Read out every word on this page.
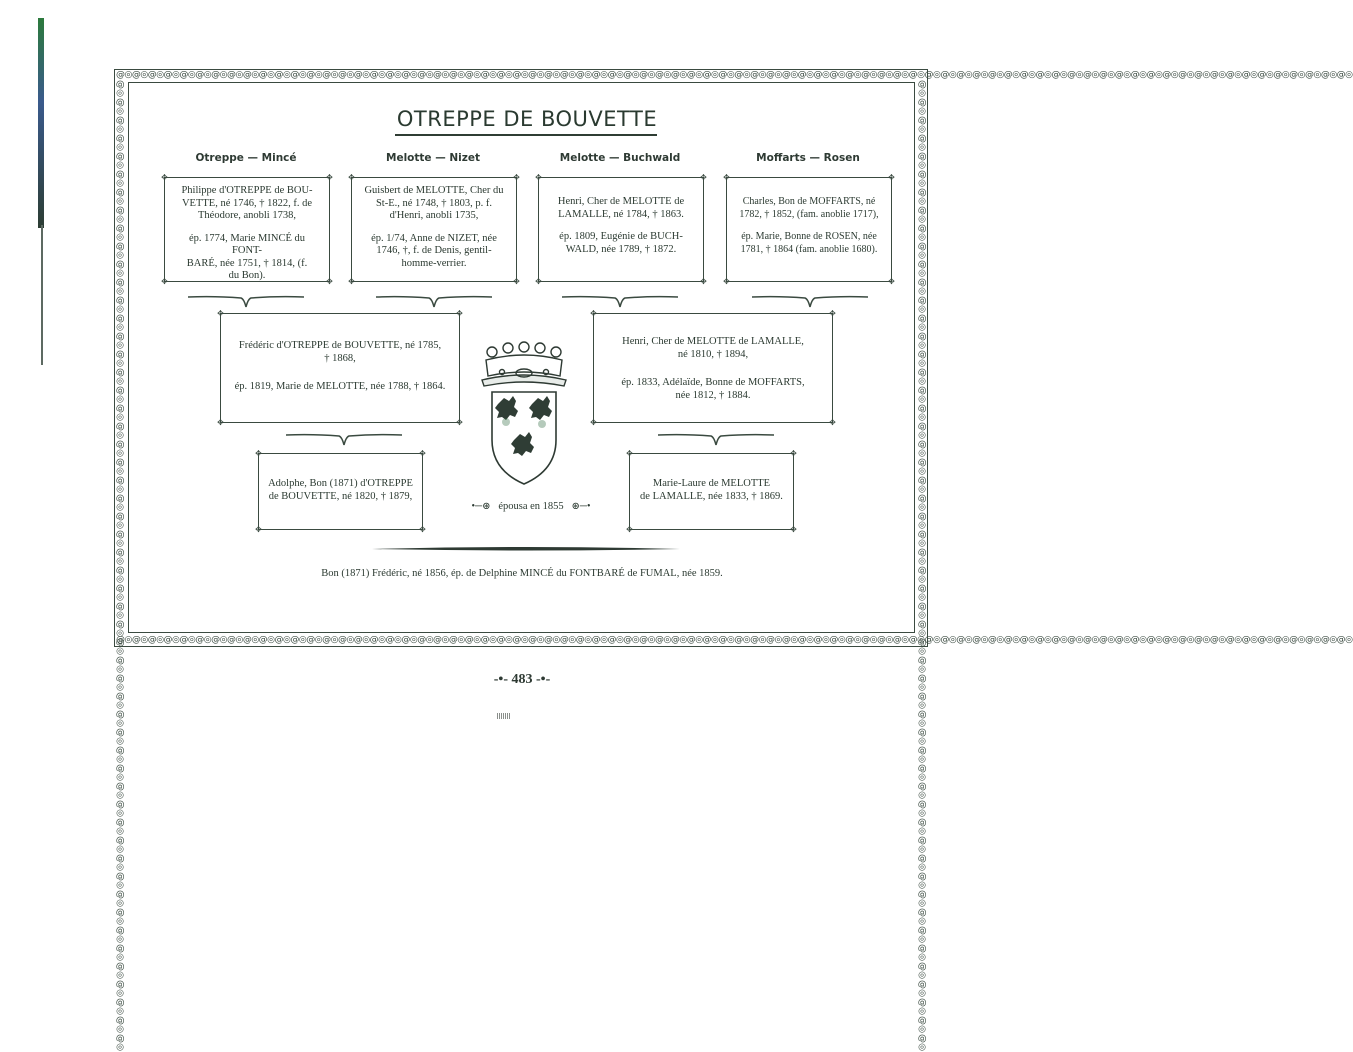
@◎@◎@◎@◎@◎@◎@◎@◎@◎@◎@◎@◎@◎@◎@◎@◎@◎@◎@◎@◎@◎@◎@◎@◎@◎@◎@◎@◎@◎@◎@◎@◎@◎@◎@◎@◎@◎@◎@◎@◎@◎@◎@◎@◎@◎@◎@◎@◎@◎@◎@◎@◎@◎@◎@◎@◎@◎@◎@◎@◎@◎@◎@◎@◎@◎@◎@◎@◎@◎@◎@◎@◎@◎@◎@◎@◎@◎@◎
@◎@◎@◎@◎@◎@◎@◎@◎@◎@◎@◎@◎@◎@◎@◎@◎@◎@◎@◎@◎@◎@◎@◎@◎@◎@◎@◎@◎@◎@◎@◎@◎@◎@◎@◎@◎@◎@◎@◎@◎@◎@◎@◎@◎@◎@◎@◎@◎@◎@◎@◎@◎@◎@◎@◎@◎@◎@◎@◎@◎@◎@◎@◎@◎@◎@◎@◎@◎@◎@◎@◎@◎@◎@◎@◎@◎@◎@◎
@◎@◎@◎@◎@◎@◎@◎@◎@◎@◎@◎@◎@◎@◎@◎@◎@◎@◎@◎@◎@◎@◎@◎@◎@◎@◎@◎@◎@◎@◎@◎@◎@◎@◎@◎@◎@◎@◎@◎@◎@◎@◎@◎@◎@◎@◎@◎@◎@◎@◎@◎@◎@◎@◎	@◎@◎@◎@◎@◎@◎@◎@◎@◎@◎@◎@◎@◎@◎@◎@◎@◎@◎@◎@◎@◎@◎@◎@◎@◎@◎@◎@◎@◎@◎@◎@◎@◎@◎@◎@◎@◎@◎@◎@◎@◎@◎@◎@◎@◎@◎@◎@◎@◎@◎@◎@◎@◎@◎
OTREPPE DE BOUVETTE
Otreppe — Mincé	Melotte — Nizet	Melotte — Buchwald	Moffarts — Rosen
✥	✥
✥	✥

Philippe d'OTREPPE de BOU-
VETTE, né 1746, † 1822, f. de
Théodore, anobli 1738,

ép. 1774, Marie MINCÉ du FONT-
BARÉ, née 1751, † 1814, (f.
du Bon).

✥	✥
✥	✥

Guisbert de MELOTTE, Cher du
St-E., né 1748, † 1803, p. f.
d'Henri, anobli 1735,

ép. 1/74, Anne de NIZET, née
1746, †, f. de Denis, gentil-
homme-verrier.

✥	✥
✥	✥

Henri, Cher de MELOTTE de
LAMALLE, né 1784, † 1863.

ép. 1809, Eugénie de BUCH-
WALD, née 1789, † 1872.

✥	✥
✥	✥

Charles, Bon de MOFFARTS, né
1782, † 1852, (fam. anoblie 1717),

ép. Marie, Bonne de ROSEN, née
1781, † 1864 (fam. anoblie 1680).

✥	✥
✥	✥

Frédéric d'OTREPPE de BOUVETTE, né 1785,
† 1868,

ép. 1819, Marie de MELOTTE, née 1788, † 1864.

✥	✥
✥	✥

Henri, Cher de MELOTTE de LAMALLE,
né 1810, † 1894,

ép. 1833, Adélaïde, Bonne de MOFFARTS,
née 1812, † 1884.

✥	✥
✥	✥

Adolphe, Bon (1871) d'OTREPPE
de BOUVETTE, né 1820, † 1879,

✥	✥
✥	✥

Marie-Laure de MELOTTE
de LAMALLE, née 1833, † 1869.

•─⊛ épousa en 1855 ⊛─•
Bon (1871) Frédéric, né 1856, ép. de Delphine MINCÉ du FONTBARÉ de FUMAL, née 1859.
-•- 483 -•-
